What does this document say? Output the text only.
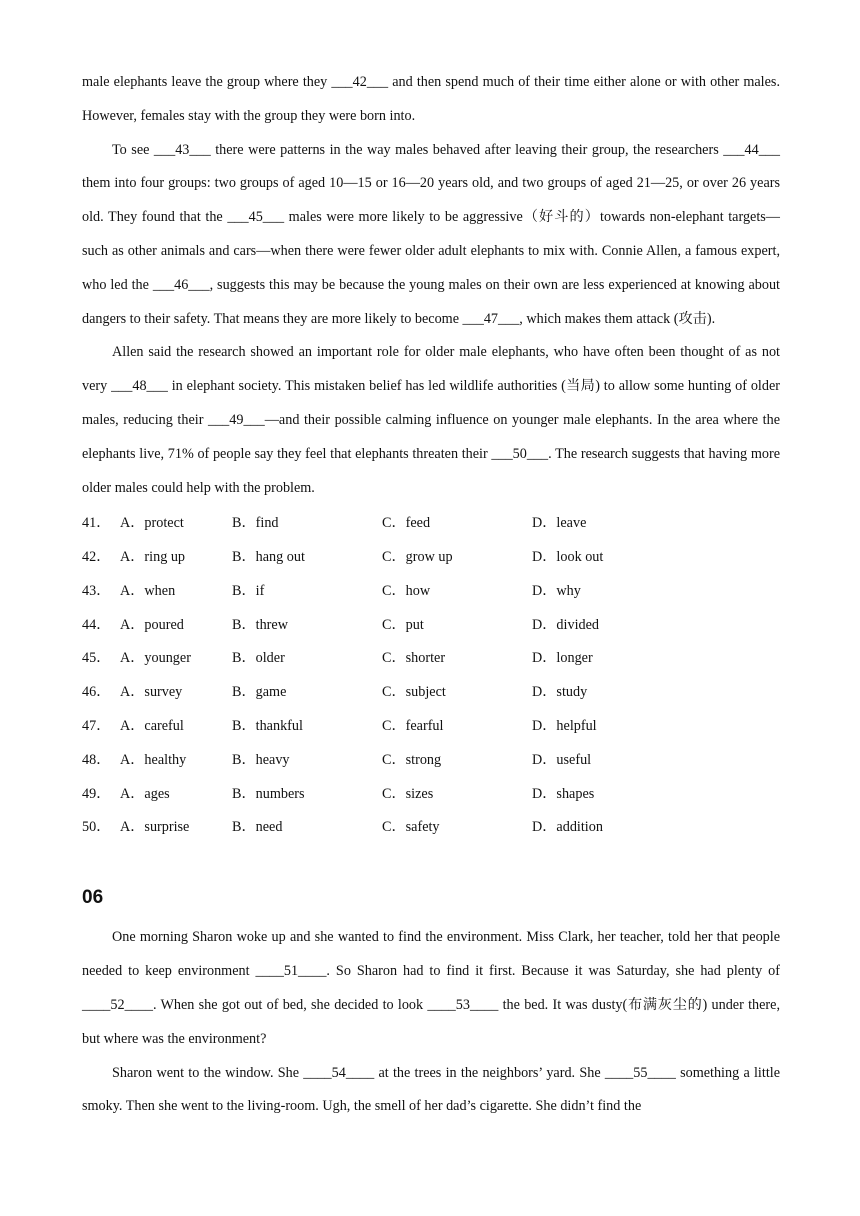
male elephants leave the group where they ___42___ and then spend much of their time either alone or with other males. However, females stay with the group they were born into.

To see ___43___ there were patterns in the way males behaved after leaving their group, the researchers ___44___ them into four groups: two groups of aged 10—15 or 16—20 years old, and two groups of aged 21—25, or over 26 years old. They found that the ___45___ males were more likely to be aggressive（好斗的）towards non-elephant targets—such as other animals and cars—when there were fewer older adult elephants to mix with. Connie Allen, a famous expert, who led the ___46___, suggests this may be because the young males on their own are less experienced at knowing about dangers to their safety. That means they are more likely to become ___47___, which makes them attack (攻击).

Allen said the research showed an important role for older male elephants, who have often been thought of as not very ___48___ in elephant society. This mistaken belief has led wildlife authorities (当局) to allow some hunting of older males, reducing their ___49___—and their possible calming influence on younger male elephants. In the area where the elephants live, 71% of people say they feel that elephants threaten their ___50___. The research suggests that having more older males could help with the problem.

41． A．protect	B．find	C．feed	D．leave
42． A．ring up	B．hang out	C．grow up	D．look out
43． A．when	B．if	C．how	D．why
44． A．poured	B．threw	C．put	D．divided
45． A．younger	B．older	C．shorter	D．longer
46． A．survey	B．game	C．subject	D．study
47． A．careful	B．thankful	C．fearful	D．helpful
48． A．healthy	B．heavy	C．strong	D．useful
49． A．ages	B．numbers	C．sizes	D．shapes
50． A．surprise	B．need	C．safety	D．addition
06

One morning Sharon woke up and she wanted to find the environment. Miss Clark, her teacher, told her that people needed to keep environment ____51____. So Sharon had to find it first. Because it was Saturday, she had plenty of ____52____. When she got out of bed, she decided to look ____53____ the bed. It was dusty(布满灰尘的) under there, but where was the environment?

Sharon went to the window. She ____54____ at the trees in the neighbors’ yard. She ____55____ something a little smoky. Then she went to the living-room. Ugh, the smell of her dad’s cigarette. She didn’t find the
